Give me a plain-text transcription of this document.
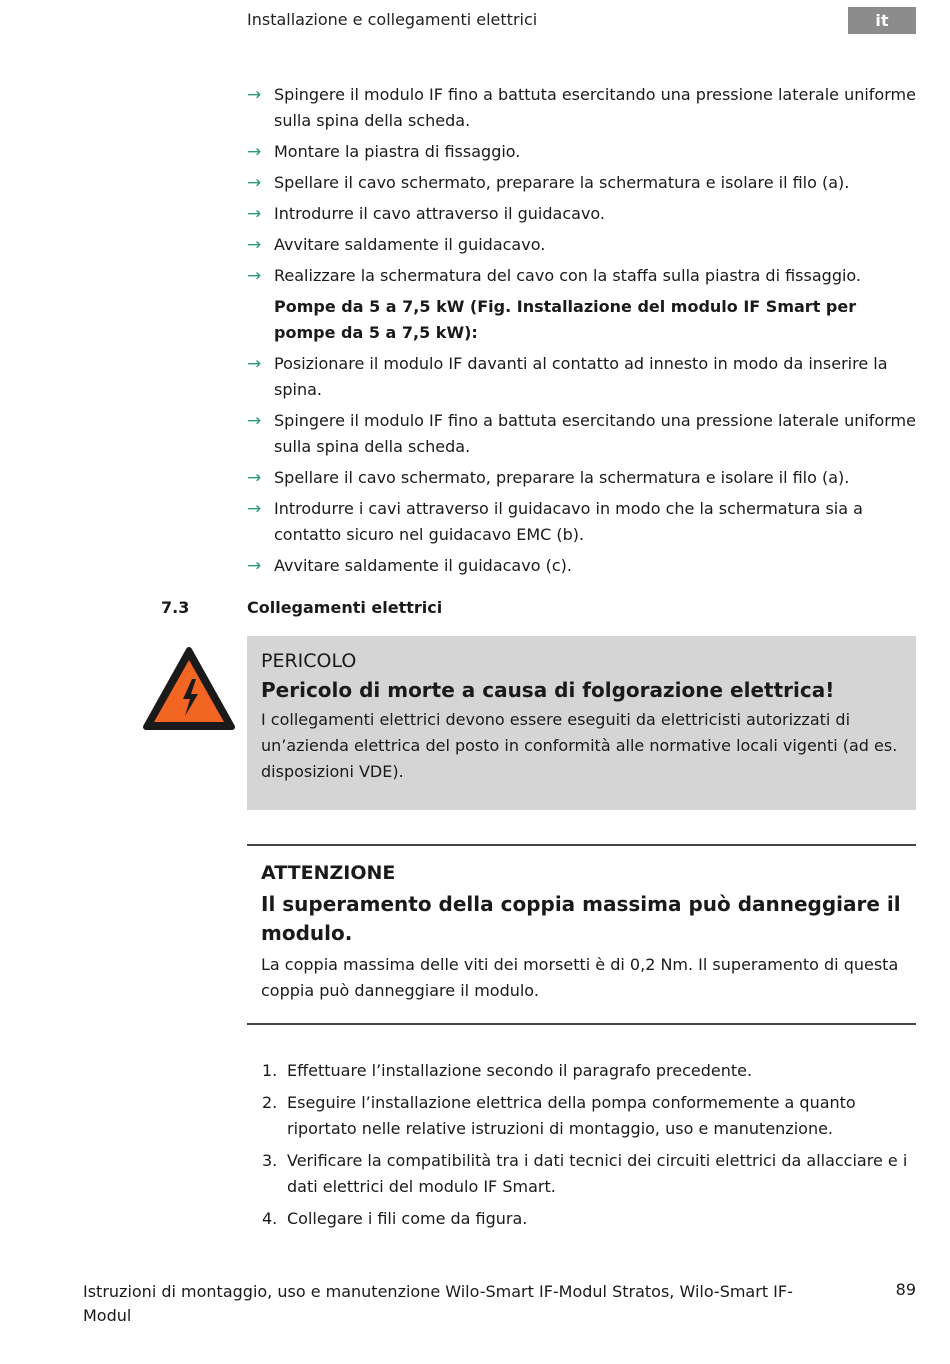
Installazione e collegamenti elettrici	it
→ Spingere il modulo IF fino a battuta esercitando una pressione laterale uniforme sulla spina della scheda.
→ Montare la piastra di fissaggio.
→ Spellare il cavo schermato, preparare la schermatura e isolare il filo (a).
→ Introdurre il cavo attraverso il guidacavo.
→ Avvitare saldamente il guidacavo.
→ Realizzare la schermatura del cavo con la staffa sulla piastra di fissaggio.
Pompe da 5 a 7,5 kW (Fig. Installazione del modulo IF Smart per pompe da 5 a 7,5 kW):
→ Posizionare il modulo IF davanti al contatto ad innesto in modo da inserire la spina.
→ Spingere il modulo IF fino a battuta esercitando una pressione laterale uniforme sulla spina della scheda.
→ Spellare il cavo schermato, preparare la schermatura e isolare il filo (a).
→ Introdurre i cavi attraverso il guidacavo in modo che la schermatura sia a contatto sicuro nel guidacavo EMC (b).
→ Avvitare saldamente il guidacavo (c).
7.3	Collegamenti elettrici
PERICOLO
Pericolo di morte a causa di folgorazione elettrica!
I collegamenti elettrici devono essere eseguiti da elettricisti autorizzati di un’azienda elettrica del posto in conformità alle normative locali vigenti (ad es. disposizioni VDE).
ATTENZIONE
Il superamento della coppia massima può danneggiare il modulo.
La coppia massima delle viti dei morsetti è di 0,2 Nm. Il superamento di questa coppia può danneggiare il modulo.
1. Effettuare l’installazione secondo il paragrafo precedente.
2. Eseguire l’installazione elettrica della pompa conformemente a quanto riportato nelle relative istruzioni di montaggio, uso e manutenzione.
3. Verificare la compatibilità tra i dati tecnici dei circuiti elettrici da allacciare e i dati elettrici del modulo IF Smart.
4. Collegare i fili come da figura.
Istruzioni di montaggio, uso e manutenzione Wilo-Smart IF-Modul Stratos, Wilo-Smart IF-Modul
89
